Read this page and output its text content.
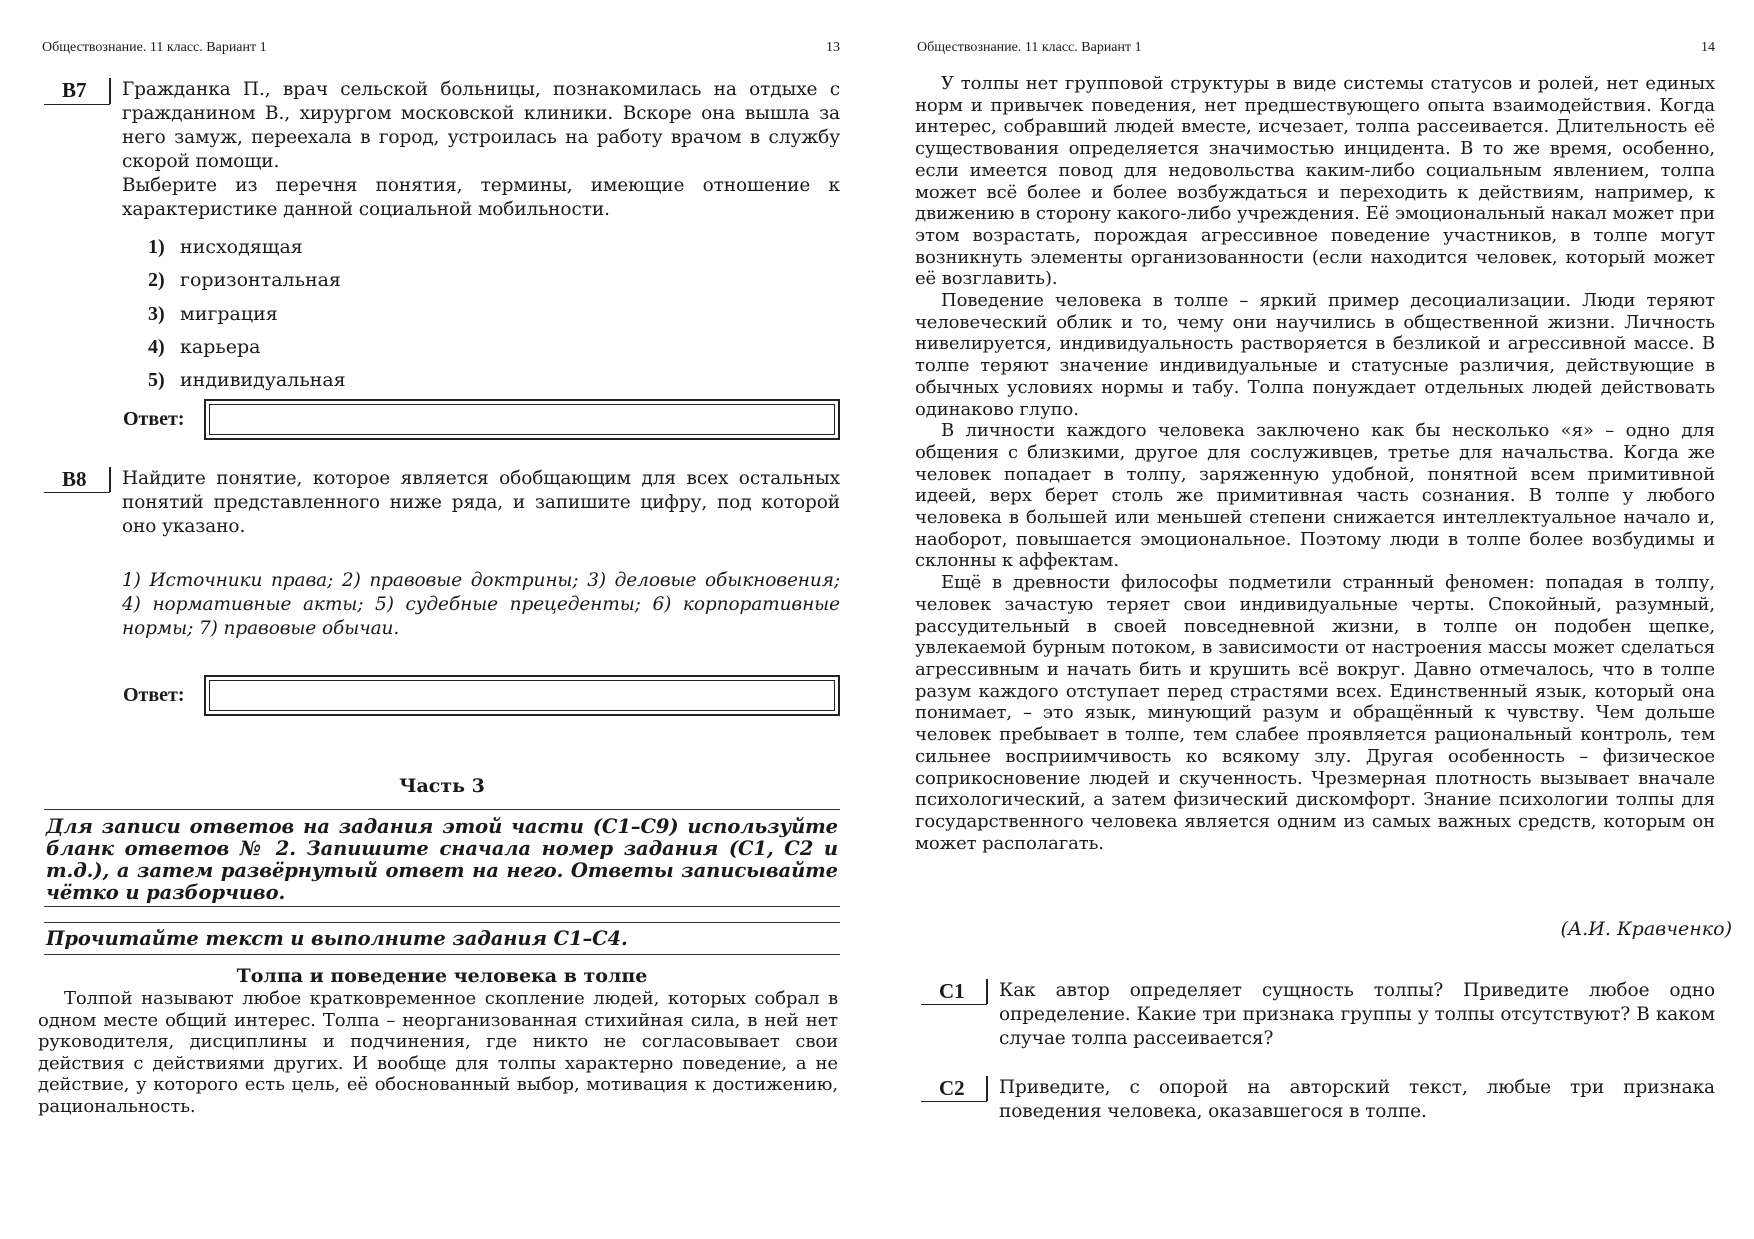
Обществознание. 11 класс. Вариант 1	13
В7 Гражданка П., врач сельской больницы, познакомилась на отдыхе с гражданином В., хирургом московской клиники. Вскоре она вышла за него замуж, переехала в город, устроилась на работу врачом в службу скорой помощи.

Выберите из перечня понятия, термины, имеющие отношение к характеристике данной социальной мобильности.

1) нисходящая
2) горизонтальная
3) миграция
4) карьера
5) индивидуальная
Ответ:
В8 Найдите понятие, которое является обобщающим для всех остальных понятий представленного ниже ряда, и запишите цифру, под которой оно указано.
1) Источники права; 2) правовые доктрины; 3) деловые обыкновения; 4) нормативные акты; 5) судебные прецеденты; 6) корпоративные нормы; 7) правовые обычаи.
Ответ:
Часть 3
Для записи ответов на задания этой части (С1–С9) используйте бланк ответов № 2. Запишите сначала номер задания (С1, С2 и т.д.), а затем развёрнутый ответ на него. Ответы записывайте чётко и разборчиво.
Прочитайте текст и выполните задания С1–С4.
Толпа и поведение человека в толпе

Толпой называют любое кратковременное скопление людей, которых собрал в одном месте общий интерес. Толпа – неорганизованная стихийная сила, в ней нет руководителя, дисциплины и подчинения, где никто не согласовывает свои действия с действиями других. И вообще для толпы характерно поведение, а не действие, у которого есть цель, её обоснованный выбор, мотивация к достижению, рациональность.

Обществознание. 11 класс. Вариант 1	14

У толпы нет групповой структуры в виде системы статусов и ролей, нет единых норм и привычек поведения, нет предшествующего опыта взаимодействия. Когда интерес, собравший людей вместе, исчезает, толпа рассеивается. Длительность её существования определяется значимостью инцидента. В то же время, особенно, если имеется повод для недовольства каким-либо социальным явлением, толпа может всё более и более возбуждаться и переходить к действиям, например, к движению в сторону какого-либо учреждения. Её эмоциональный накал может при этом возрастать, порождая агрессивное поведение участников, в толпе могут возникнуть элементы организованности (если находится человек, который может её возглавить).

Поведение человека в толпе – яркий пример десоциализации. Люди теряют человеческий облик и то, чему они научились в общественной жизни. Личность нивелируется, индивидуальность растворяется в безликой и агрессивной массе. В толпе теряют значение индивидуальные и статусные различия, действующие в обычных условиях нормы и табу. Толпа понуждает отдельных людей действовать одинаково глупо.

В личности каждого человека заключено как бы несколько «я» – одно для общения с близкими, другое для сослуживцев, третье для начальства. Когда же человек попадает в толпу, заряженную удобной, понятной всем примитивной идеей, верх берет столь же примитивная часть сознания. В толпе у любого человека в большей или меньшей степени снижается интеллектуальное начало и, наоборот, повышается эмоциональное. Поэтому люди в толпе более возбудимы и склонны к аффектам.

Ещё в древности философы подметили странный феномен: попадая в толпу, человек зачастую теряет свои индивидуальные черты. Спокойный, разумный, рассудительный в своей повседневной жизни, в толпе он подобен щепке, увлекаемой бурным потоком, в зависимости от настроения массы может сделаться агрессивным и начать бить и крушить всё вокруг. Давно отмечалось, что в толпе разум каждого отступает перед страстями всех. Единственный язык, который она понимает, – это язык, минующий разум и обращённый к чувству. Чем дольше человек пребывает в толпе, тем слабее проявляется рациональный контроль, тем сильнее восприимчивость ко всякому злу. Другая особенность – физическое соприкосновение людей и скученность. Чрезмерная плотность вызывает вначале психологический, а затем физический дискомфорт. Знание психологии толпы для государственного человека является одним из самых важных средств, которым он может располагать.

(А.И. Кравченко)
С1 Как автор определяет сущность толпы? Приведите любое одно определение. Какие три признака группы у толпы отсутствуют? В каком случае толпа рассеивается?
С2 Приведите, с опорой на авторский текст, любые три признака поведения человека, оказавшегося в толпе.
